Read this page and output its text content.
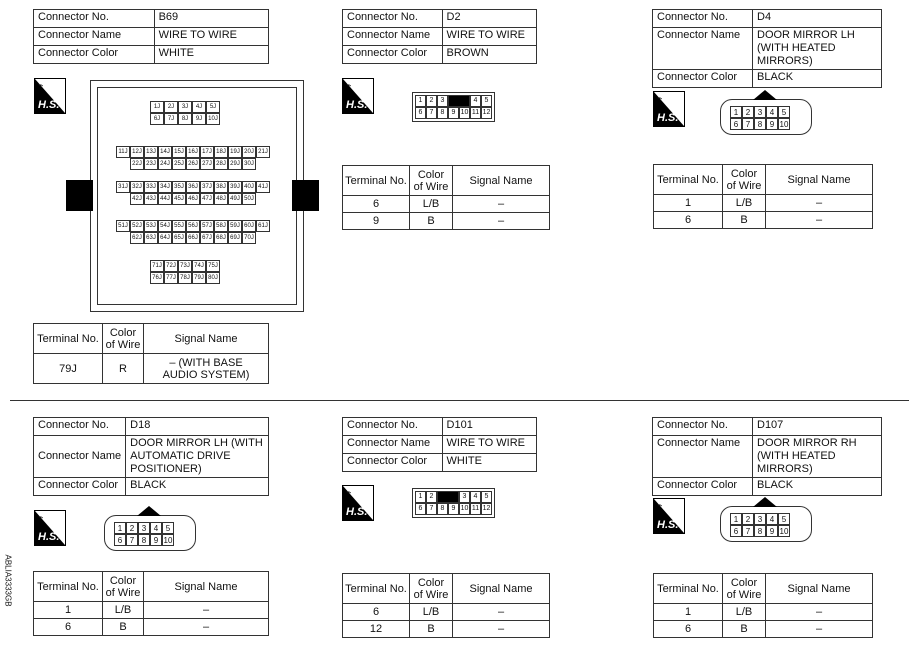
Connector No.	B69
Connector Name	WIRE TO WIRE
Connector Color	WHITE
⌁
H.S.	1J	2J	3J	4J	5J
6J	7J	8J	9J 10J
11J 12J 13J 14J 15J 16J 17J 18J 19J 20J 21J
22J 23J 24J 25J 26J 27J 28J 29J 30J
31J 32J 33J 34J 35J 36J 37J 38J 39J 40J 41J
42J 43J 44J 45J 46J 47J 48J 49J 50J
51J 52J 53J 54J 55J 56J 57J 58J 59J 60J 61J
62J 63J 64J 65J 66J 67J 68J 69J 70J
71J 72J 73J 74J 75J
76J 77J 78J 79J 80J
Terminal No.	Color of Wire	Signal Name
79J	R	– (WITH BASE AUDIO SYSTEM)
Connector No.	D2
Connector Name	WIRE TO WIRE
Connector Color	BROWN
⌁
H.S.	1	2	3	4	5
6	7	8	9 10 11 12
Terminal No.	Color of Wire	Signal Name
6	L/B	–
9	B	–
Connector No.	D4
Connector Name	DOOR MIRROR LH (WITH HEATED MIRRORS)
Connector Color	BLACK
⌁
H.S.	1 2 3 4 5
6 7 8 9 10
Terminal No.	Color of Wire	Signal Name
1	L/B	–
6	B	–
Connector No.	D18
Connector Name	DOOR MIRROR LH (WITH AUTOMATIC DRIVE POSITIONER)
Connector Color	BLACK
⌁
H.S.
1 2 3 4 5
6 7 8 9 10
Terminal No.	Color of Wire	Signal Name
1	L/B	–
6	B	–
Connector No.	D101
Connector Name	WIRE TO WIRE
Connector Color	WHITE
⌁
H.S.
1	2	3	4	5
6	7	8	9 10 11 12
Terminal No.	Color of Wire	Signal Name
6	L/B	–
12	B	–
Connector No.	D107
Connector Name	DOOR MIRROR RH (WITH HEATED MIRRORS)
Connector Color	BLACK
⌁
H.S.	1 2 3 4 5
6 7 8 9 10
Terminal No.	Color of Wire	Signal Name
1	L/B	–
6	B	–
ABLIA3333GB
